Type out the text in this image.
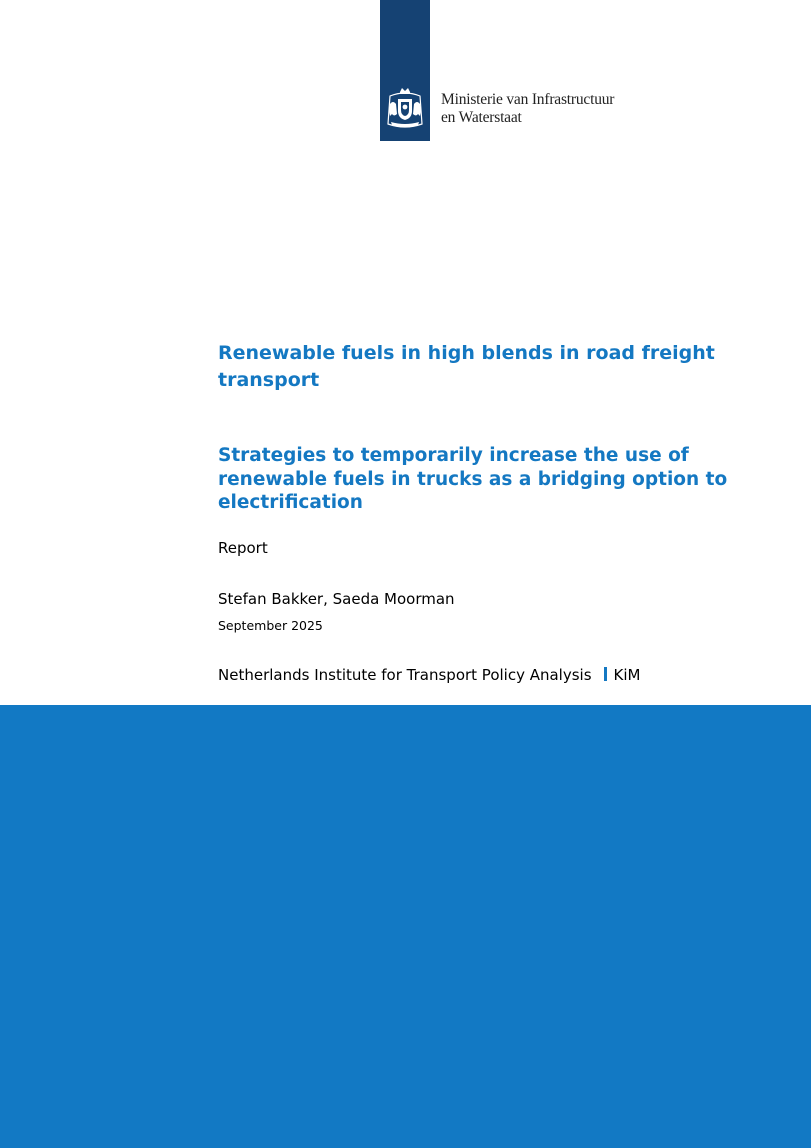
Ministerie van Infrastructuur
en Waterstaat
Renewable fuels in high blends in road freight transport
Strategies to temporarily increase the use of renewable fuels in trucks as a bridging option to electrification
Report
Stefan Bakker, Saeda Moorman
September 2025
Netherlands Institute for Transport Policy Analysis KiM
